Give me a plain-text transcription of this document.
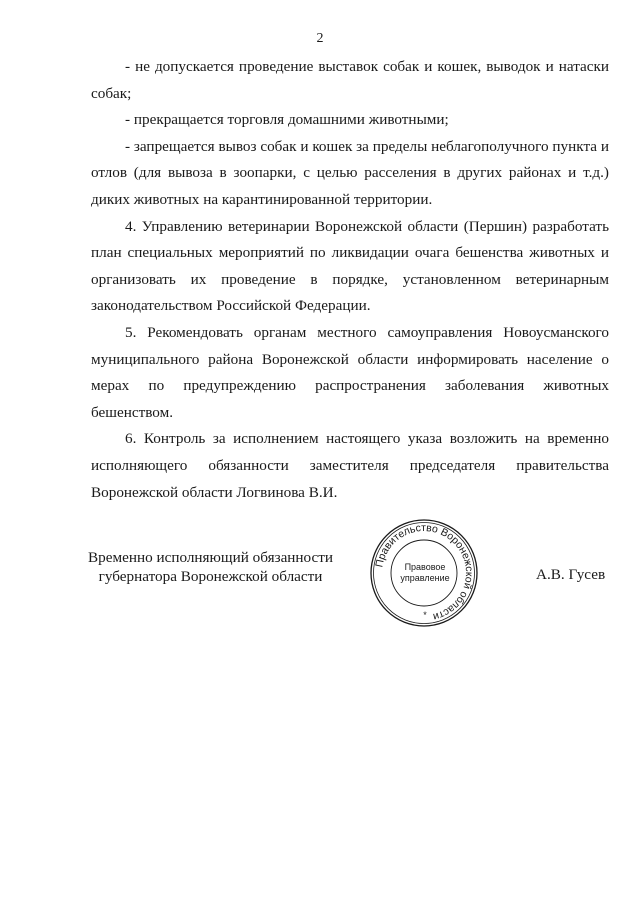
2

- не допускается проведение выставок собак и кошек, выводок и натаски собак;

- прекращается торговля домашними животными;

- запрещается вывоз собак и кошек за пределы неблагополучного пункта и отлов (для вывоза в зоопарки, с целью расселения в других районах и т.д.) диких животных на карантинированной территории.

4. Управлению ветеринарии Воронежской области (Першин) разработать план специальных мероприятий по ликвидации очага бешенства животных и организовать их проведение в порядке, установленном ветеринарным законодательством Российской Федерации.

5. Рекомендовать органам местного самоуправления Новоусманского муниципального района Воронежской области информировать население о мерах по предупреждению распространения заболевания животных бешенством.

6. Контроль за исполнением настоящего указа возложить на временно исполняющего обязанности заместителя председателя правительства Воронежской области Логвинова В.И.

Временно исполняющий обязанности
губернатора Воронежской области
Правительство Воронежской области
Правовое
управление
*
А.В. Гусев
